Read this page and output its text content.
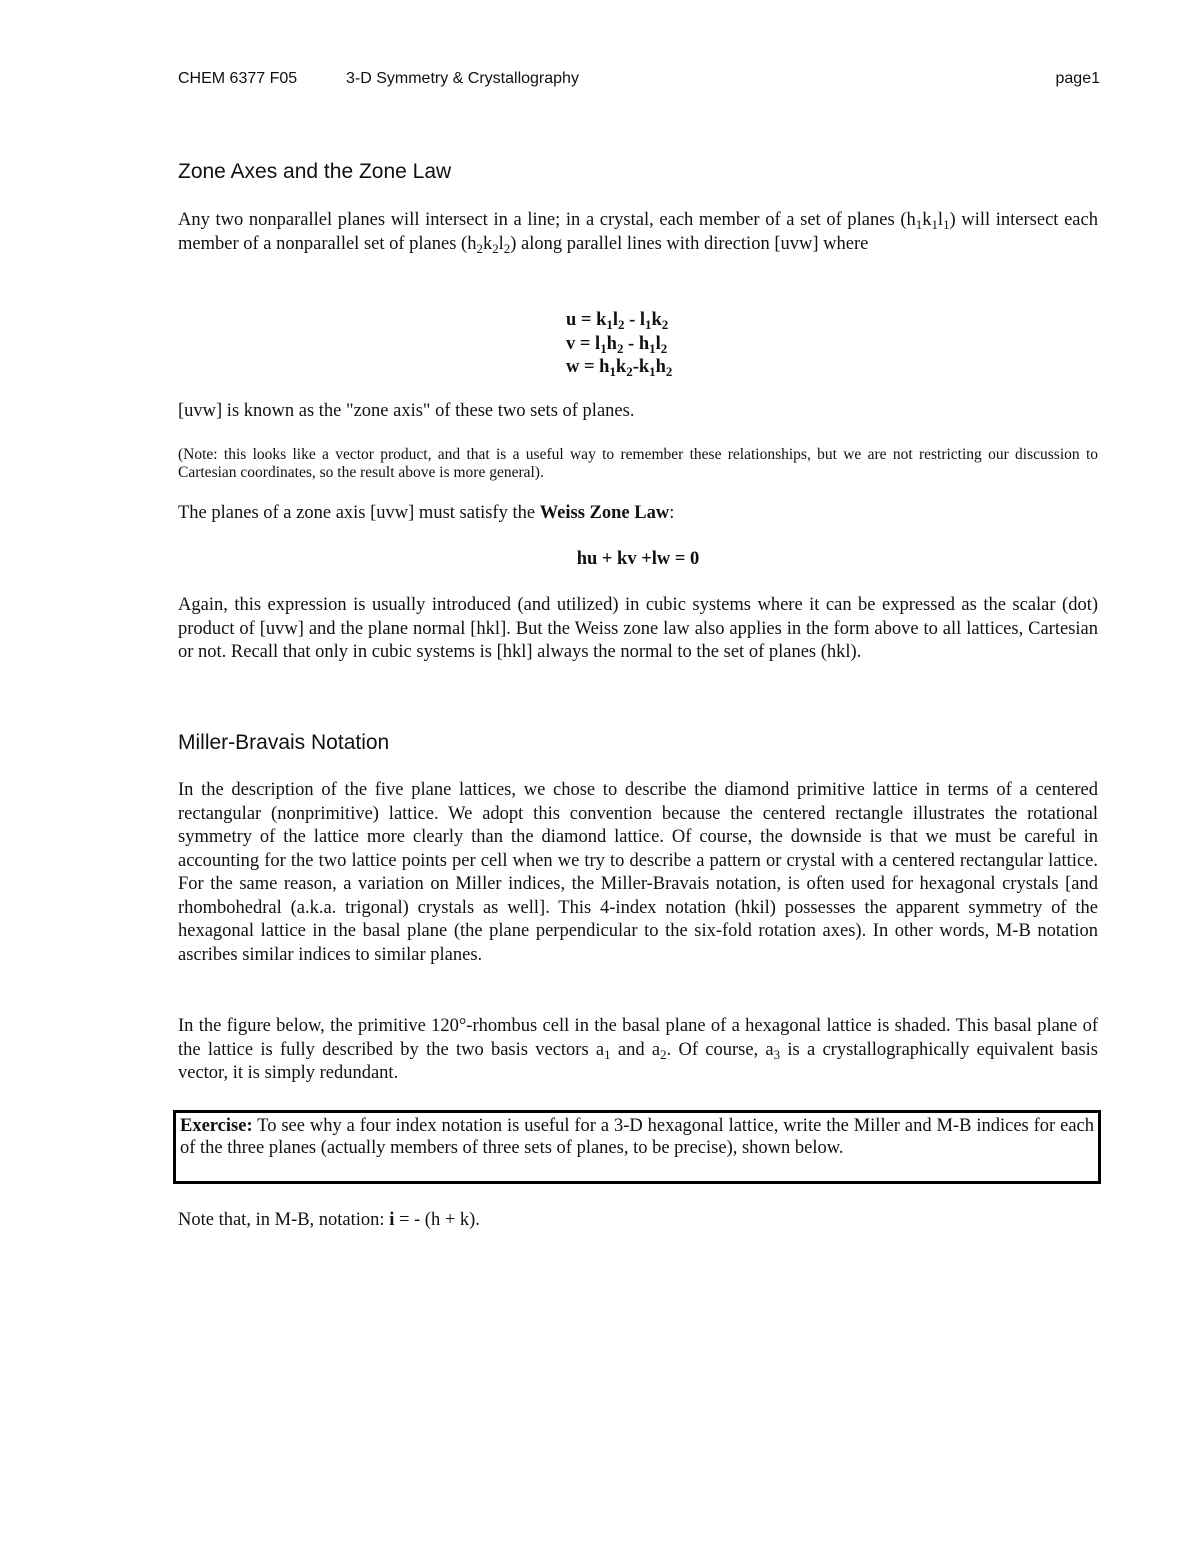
CHEM 6377 F05	3-D Symmetry & Crystallography	page1
Zone Axes and the Zone Law

Any two nonparallel planes will intersect in a line; in a crystal, each member of a set of planes $(h_1k_1l_1)$ will intersect each member of a nonparallel set of planes $(h_2k_2l_2)$ along parallel lines with direction [uvw] where

$u = k_1l_2 - l_1k_2$
$v = l_1h_2 - h_1l_2$
$w = h_1k_2-k_1h_2$

[uvw] is known as the "zone axis" of these two sets of planes.

(Note: this looks like a vector product, and that is a useful way to remember these relationships, but we are not restricting our discussion to Cartesian coordinates, so the result above is more general).

The planes of a zone axis [uvw] must satisfy the Weiss Zone Law:

hu + kv +lw = 0

Again, this expression is usually introduced (and utilized) in cubic systems where it can be expressed as the scalar (dot) product of [uvw] and the plane normal [hkl]. But the Weiss zone law also applies in the form above to all lattices, Cartesian or not. Recall that only in cubic systems is [hkl] always the normal to the set of planes (hkl).

Miller-Bravais Notation

In the description of the five plane lattices, we chose to describe the diamond primitive lattice in terms of a centered rectangular (nonprimitive) lattice. We adopt this convention because the centered rectangle illustrates the rotational symmetry of the lattice more clearly than the diamond lattice. Of course, the downside is that we must be careful in accounting for the two lattice points per cell when we try to describe a pattern or crystal with a centered rectangular lattice. For the same reason, a variation on Miller indices, the Miller-Bravais notation, is often used for hexagonal crystals [and rhombohedral (a.k.a. trigonal) crystals as well]. This 4-index notation (hkil) possesses the apparent symmetry of the hexagonal lattice in the basal plane (the plane perpendicular to the six-fold rotation axes). In other words, M-B notation ascribes similar indices to similar planes.

In the figure below, the primitive 120°-rhombus cell in the basal plane of a hexagonal lattice is shaded. This basal plane of the lattice is fully described by the two basis vectors $a_1$ and $a_2$. Of course, $a_3$ is a crystallographically equivalent basis vector, it is simply redundant.

Exercise: To see why a four index notation is useful for a 3-D hexagonal lattice, write the Miller and M-B indices for each of the three planes (actually members of three sets of planes, to be precise), shown below.

Note that, in M-B, notation: i = - (h + k).
